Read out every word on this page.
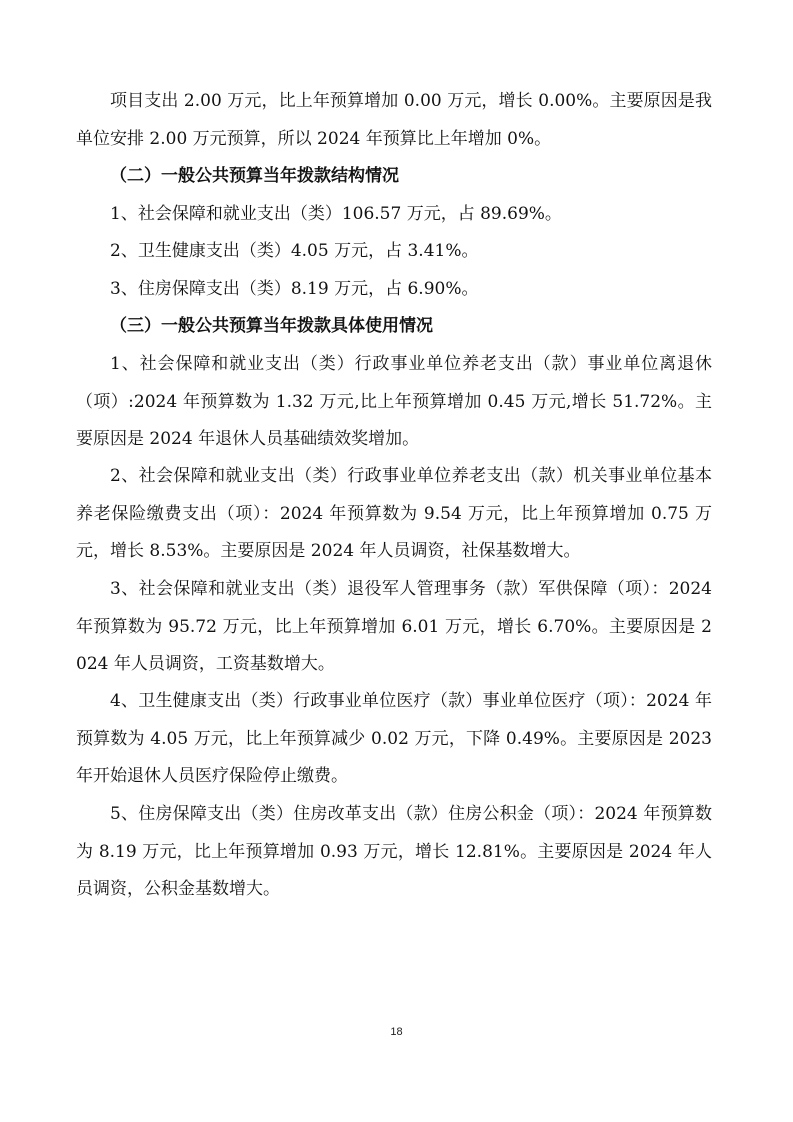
项目支出 2.00 万元，比上年预算增加 0.00 万元，增长 0.00%。主要原因是我单位安排 2.00 万元预算，所以 2024 年预算比上年增加 0%。

（二）一般公共预算当年拨款结构情况

1、社会保障和就业支出（类）106.57 万元，占 89.69%。

2、卫生健康支出（类）4.05 万元，占 3.41%。

3、住房保障支出（类）8.19 万元，占 6.90%。

（三）一般公共预算当年拨款具体使用情况

1、社会保障和就业支出（类）行政事业单位养老支出（款）事业单位离退休（项）:2024 年预算数为 1.32 万元,比上年预算增加 0.45 万元,增长 51.72%。主要原因是 2024 年退休人员基础绩效奖增加。

2、社会保障和就业支出（类）行政事业单位养老支出（款）机关事业单位基本养老保险缴费支出（项）：2024 年预算数为 9.54 万元，比上年预算增加 0.75 万元，增长 8.53%。主要原因是 2024 年人员调资，社保基数增大。

3、社会保障和就业支出（类）退役军人管理事务（款）军供保障（项）：2024 年预算数为 95.72 万元，比上年预算增加 6.01 万元，增长 6.70%。主要原因是 2024 年人员调资，工资基数增大。

4、卫生健康支出（类）行政事业单位医疗（款）事业单位医疗（项）：2024 年预算数为 4.05 万元，比上年预算减少 0.02 万元，下降 0.49%。主要原因是 2023 年开始退休人员医疗保险停止缴费。

5、住房保障支出（类）住房改革支出（款）住房公积金（项）：2024 年预算数为 8.19 万元，比上年预算增加 0.93 万元，增长 12.81%。主要原因是 2024 年人员调资，公积金基数增大。

18
